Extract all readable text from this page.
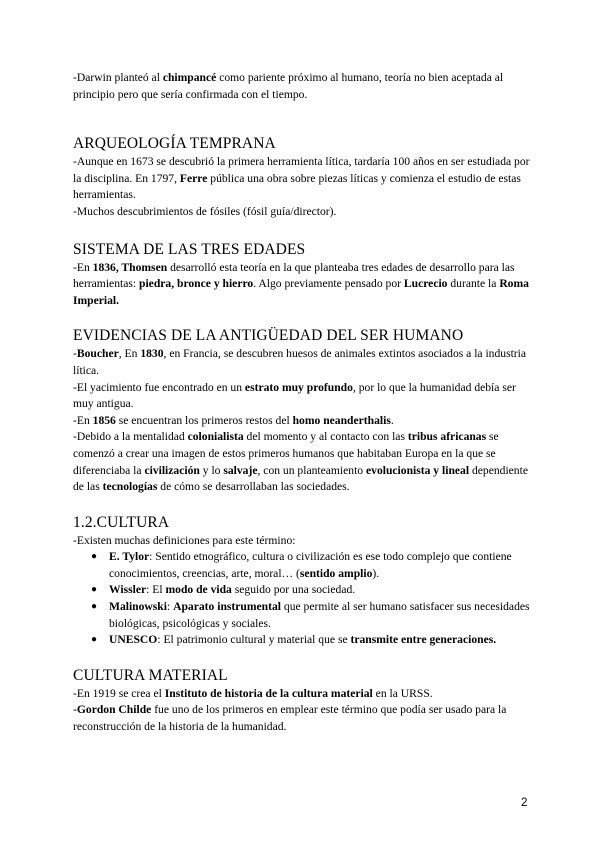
-Darwin planteó al chimpancé como pariente próximo al humano, teoría no bien aceptada al principio pero que sería confirmada con el tiempo.

ARQUEOLOGÍA TEMPRANA

-Aunque en 1673 se descubrió la primera herramienta lítica, tardaría 100 años en ser estudiada por la disciplina. En 1797, Ferre pública una obra sobre piezas líticas y comienza el estudio de estas herramientas.

-Muchos descubrimientos de fósiles (fósil guía/director).

SISTEMA DE LAS TRES EDADES

-En 1836, Thomsen desarrolló esta teoría en la que planteaba tres edades de desarrollo para las herramientas: piedra, bronce y hierro. Algo previamente pensado por Lucrecio durante la Roma Imperial.

EVIDENCIAS DE LA ANTIGÜEDAD DEL SER HUMANO

-Boucher, En 1830, en Francia, se descubren huesos de animales extintos asociados a la industria lítica.

-El yacimiento fue encontrado en un estrato muy profundo, por lo que la humanidad debía ser muy antigua.

-En 1856 se encuentran los primeros restos del homo neanderthalis.

-Debido a la mentalidad colonialista del momento y al contacto con las tribus africanas se comenzó a crear una imagen de estos primeros humanos que habitaban Europa en la que se diferenciaba la civilización y lo salvaje, con un planteamiento evolucionista y lineal dependiente de las tecnologías de cómo se desarrollaban las sociedades.

1.2.CULTURA

-Existen muchas definiciones para este término:

● E. Tylor: Sentido etnográfico, cultura o civilización es ese todo complejo que contiene conocimientos, creencias, arte, moral… (sentido amplio).
● Wissler: El modo de vida seguido por una sociedad.
● Malinowski: Aparato instrumental que permite al ser humano satisfacer sus necesidades biológicas, psicológicas y sociales.
● UNESCO: El patrimonio cultural y material que se transmite entre generaciones.
CULTURA MATERIAL

-En 1919 se crea el Instituto de historia de la cultura material en la URSS.

-Gordon Childe fue uno de los primeros en emplear este término que podía ser usado para la reconstrucción de la historia de la humanidad.

2
